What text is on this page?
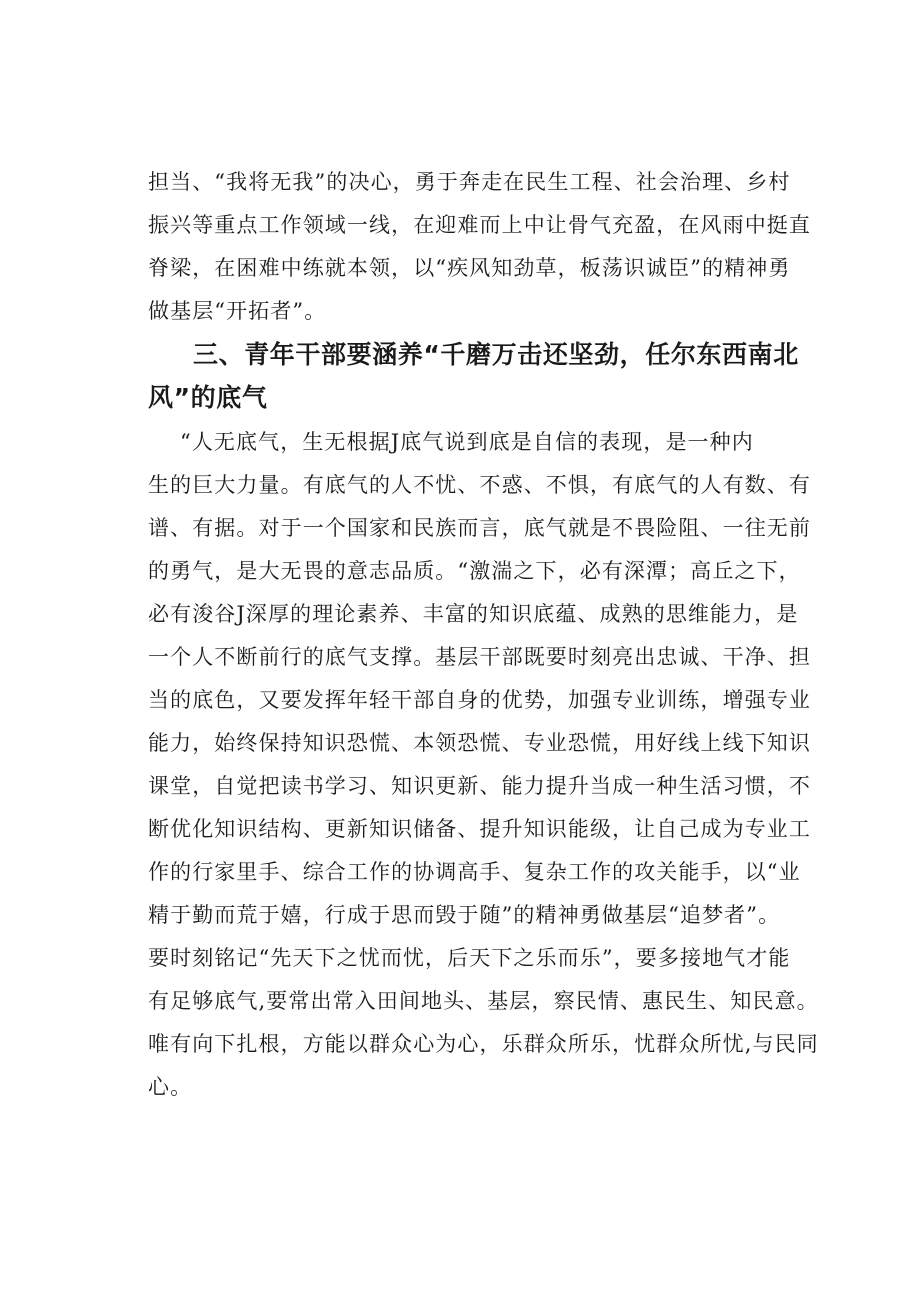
担当、“我将无我”的决心，勇于奔走在民生工程、社会治理、乡村
振兴等重点工作领域一线，在迎难而上中让骨气充盈，在风雨中挺直
脊梁，在困难中练就本领，以“疾风知劲草，板荡识诚臣”的精神勇
做基层“开拓者”。
三、青年干部要涵养“千磨万击还坚劲，任尔东西南北
风”的底气
“人无底气，生无根据J底气说到底是自信的表现，是一种内
生的巨大力量。有底气的人不忧、不惑、不惧，有底气的人有数、有
谱、有据。对于一个国家和民族而言，底气就是不畏险阻、一往无前
的勇气，是大无畏的意志品质。“激湍之下，必有深潭；高丘之下，
必有浚谷J深厚的理论素养、丰富的知识底蕴、成熟的思维能力，是
一个人不断前行的底气支撑。基层干部既要时刻亮出忠诚、干净、担
当的底色，又要发挥年轻干部自身的优势，加强专业训练，增强专业
能力，始终保持知识恐慌、本领恐慌、专业恐慌，用好线上线下知识
课堂，自觉把读书学习、知识更新、能力提升当成一种生活习惯，不
断优化知识结构、更新知识储备、提升知识能级，让自己成为专业工
作的行家里手、综合工作的协调高手、复杂工作的攻关能手，以“业
精于勤而荒于嬉，行成于思而毁于随”的精神勇做基层“追梦者”。
要时刻铭记“先天下之忧而忧，后天下之乐而乐”，要多接地气才能
有足够底气,要常出常入田间地头、基层，察民情、惠民生、知民意。
唯有向下扎根，方能以群众心为心，乐群众所乐，忧群众所忧,与民同
心。
